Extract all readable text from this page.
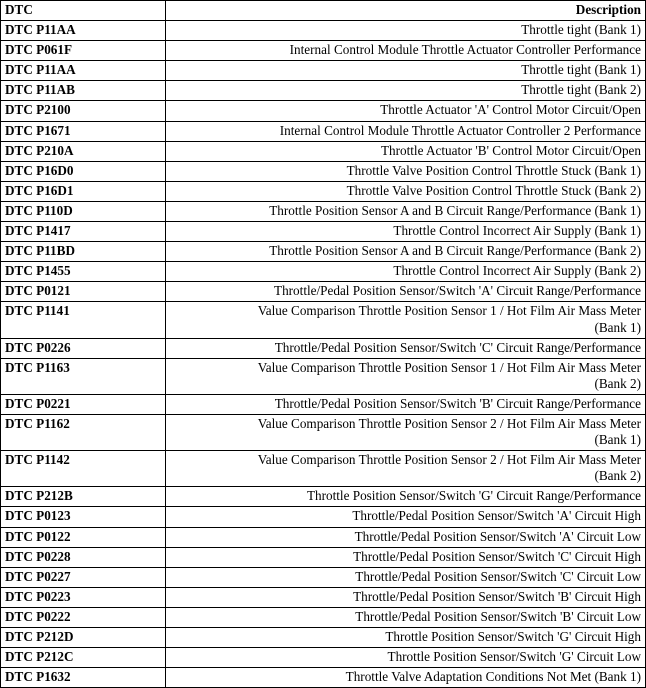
DTC	Description
DTC P11AA	Throttle tight (Bank 1)
DTC P061F	Internal Control Module Throttle Actuator Controller Performance
DTC P11AA	Throttle tight (Bank 1)
DTC P11AB	Throttle tight (Bank 2)
DTC P2100	Throttle Actuator 'A' Control Motor Circuit/Open
DTC P1671	Internal Control Module Throttle Actuator Controller 2 Performance
DTC P210A	Throttle Actuator 'B' Control Motor Circuit/Open
DTC P16D0	Throttle Valve Position Control Throttle Stuck (Bank 1)
DTC P16D1	Throttle Valve Position Control Throttle Stuck (Bank 2)
DTC P110D	Throttle Position Sensor A and B Circuit Range/Performance (Bank 1)
DTC P1417	Throttle Control Incorrect Air Supply (Bank 1)
DTC P11BD	Throttle Position Sensor A and B Circuit Range/Performance (Bank 2)
DTC P1455	Throttle Control Incorrect Air Supply (Bank 2)
DTC P0121	Throttle/Pedal Position Sensor/Switch 'A' Circuit Range/Performance
DTC P1141	Value Comparison Throttle Position Sensor 1 / Hot Film Air Mass Meter
(Bank 1)

DTC P0226	Throttle/Pedal Position Sensor/Switch 'C' Circuit Range/Performance
DTC P1163	Value Comparison Throttle Position Sensor 1 / Hot Film Air Mass Meter
(Bank 2)

DTC P0221	Throttle/Pedal Position Sensor/Switch 'B' Circuit Range/Performance
DTC P1162	Value Comparison Throttle Position Sensor 2 / Hot Film Air Mass Meter
(Bank 1)

DTC P1142	Value Comparison Throttle Position Sensor 2 / Hot Film Air Mass Meter
(Bank 2)

DTC P212B	Throttle Position Sensor/Switch 'G' Circuit Range/Performance
DTC P0123	Throttle/Pedal Position Sensor/Switch 'A' Circuit High
DTC P0122	Throttle/Pedal Position Sensor/Switch 'A' Circuit Low
DTC P0228	Throttle/Pedal Position Sensor/Switch 'C' Circuit High
DTC P0227	Throttle/Pedal Position Sensor/Switch 'C' Circuit Low
DTC P0223	Throttle/Pedal Position Sensor/Switch 'B' Circuit High
DTC P0222	Throttle/Pedal Position Sensor/Switch 'B' Circuit Low
DTC P212D	Throttle Position Sensor/Switch 'G' Circuit High
DTC P212C	Throttle Position Sensor/Switch 'G' Circuit Low
DTC P1632	Throttle Valve Adaptation Conditions Not Met (Bank 1)
